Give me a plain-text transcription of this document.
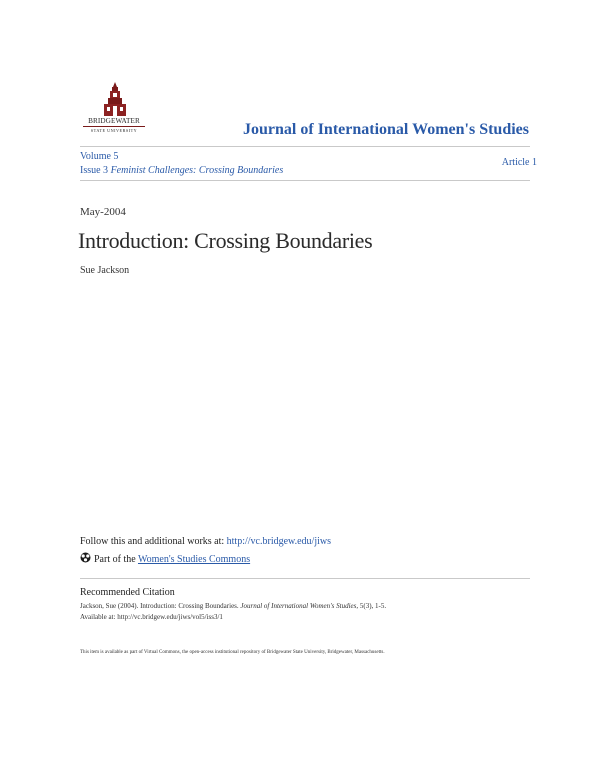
BRIDGEWATER
STATE UNIVERSITY	Journal of International Women's Studies
Volume 5
Issue 3 Feminist Challenges: Crossing Boundaries
Article 1
May-2004
Introduction: Crossing Boundaries
Sue Jackson
Follow this and additional works at: http://vc.bridgew.edu/jiws
Part of the Women's Studies Commons
Recommended Citation
Jackson, Sue (2004). Introduction: Crossing Boundaries. Journal of International Women's Studies, 5(3), 1-5.
Available at: http://vc.bridgew.edu/jiws/vol5/iss3/1
This item is available as part of Virtual Commons, the open-access institutional repository of Bridgewater State University, Bridgewater, Massachusetts.
